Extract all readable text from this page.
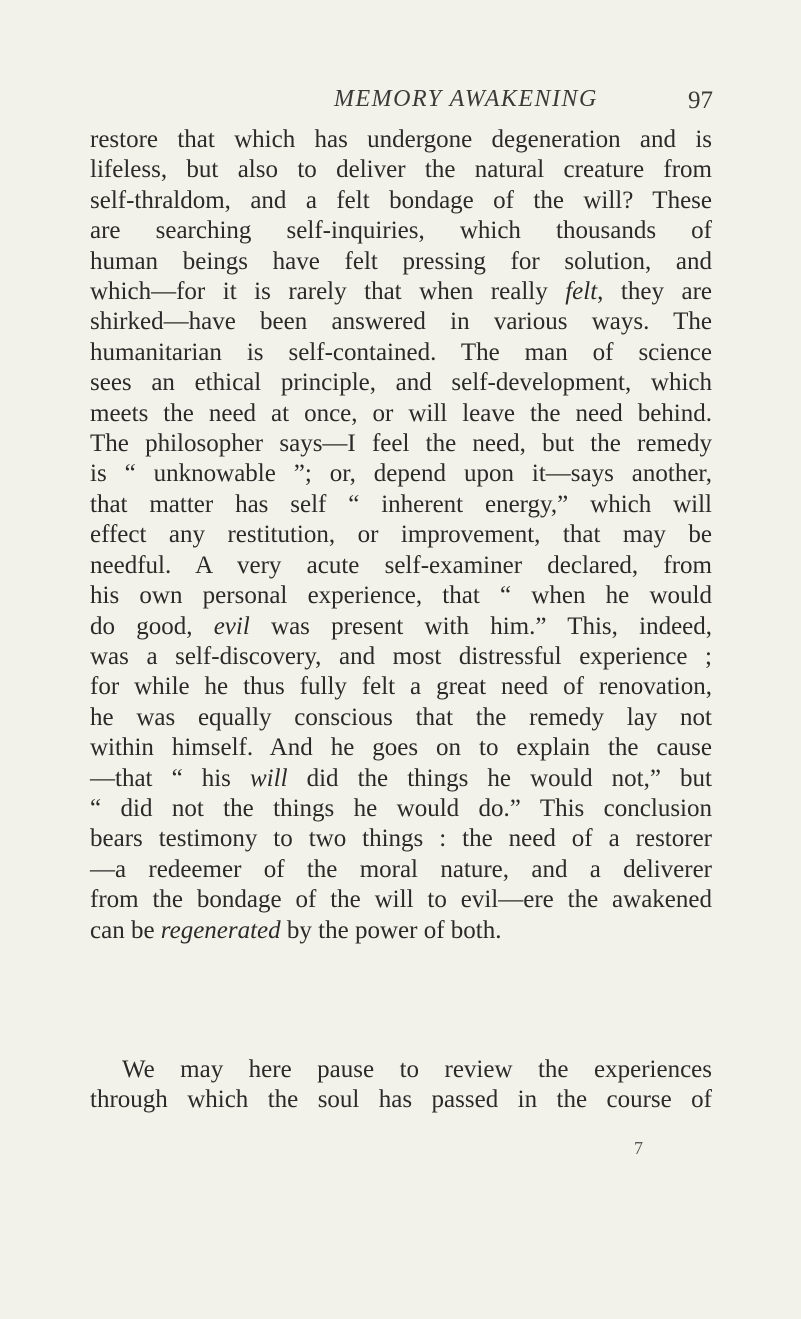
MEMORY AWAKENING	97
restore that which has undergone degeneration and is
lifeless, but also to deliver the natural creature from
self-thraldom, and a felt bondage of the will? These
are searching self-inquiries, which thousands of
human beings have felt pressing for solution, and
which—for it is rarely that when really felt, they are
shirked—have been answered in various ways. The
humanitarian is self-contained. The man of science
sees an ethical principle, and self-development, which
meets the need at once, or will leave the need behind.
The philosopher says—I feel the need, but the remedy
is “ unknowable ”; or, depend upon it—says another,
that matter has self “ inherent energy,” which will
effect any restitution, or improvement, that may be
needful. A very acute self-examiner declared, from
his own personal experience, that “ when he would
do good, evil was present with him.” This, indeed,
was a self-discovery, and most distressful experience ;
for while he thus fully felt a great need of renovation,
he was equally conscious that the remedy lay not
within himself. And he goes on to explain the cause
—that “ his will did the things he would not,” but
“ did not the things he would do.” This conclusion
bears testimony to two things : the need of a restorer
—a redeemer of the moral nature, and a deliverer
from the bondage of the will to evil—ere the awakened
can be regenerated by the power of both.
We may here pause to review the experiences
through which the soul has passed in the course of
7
